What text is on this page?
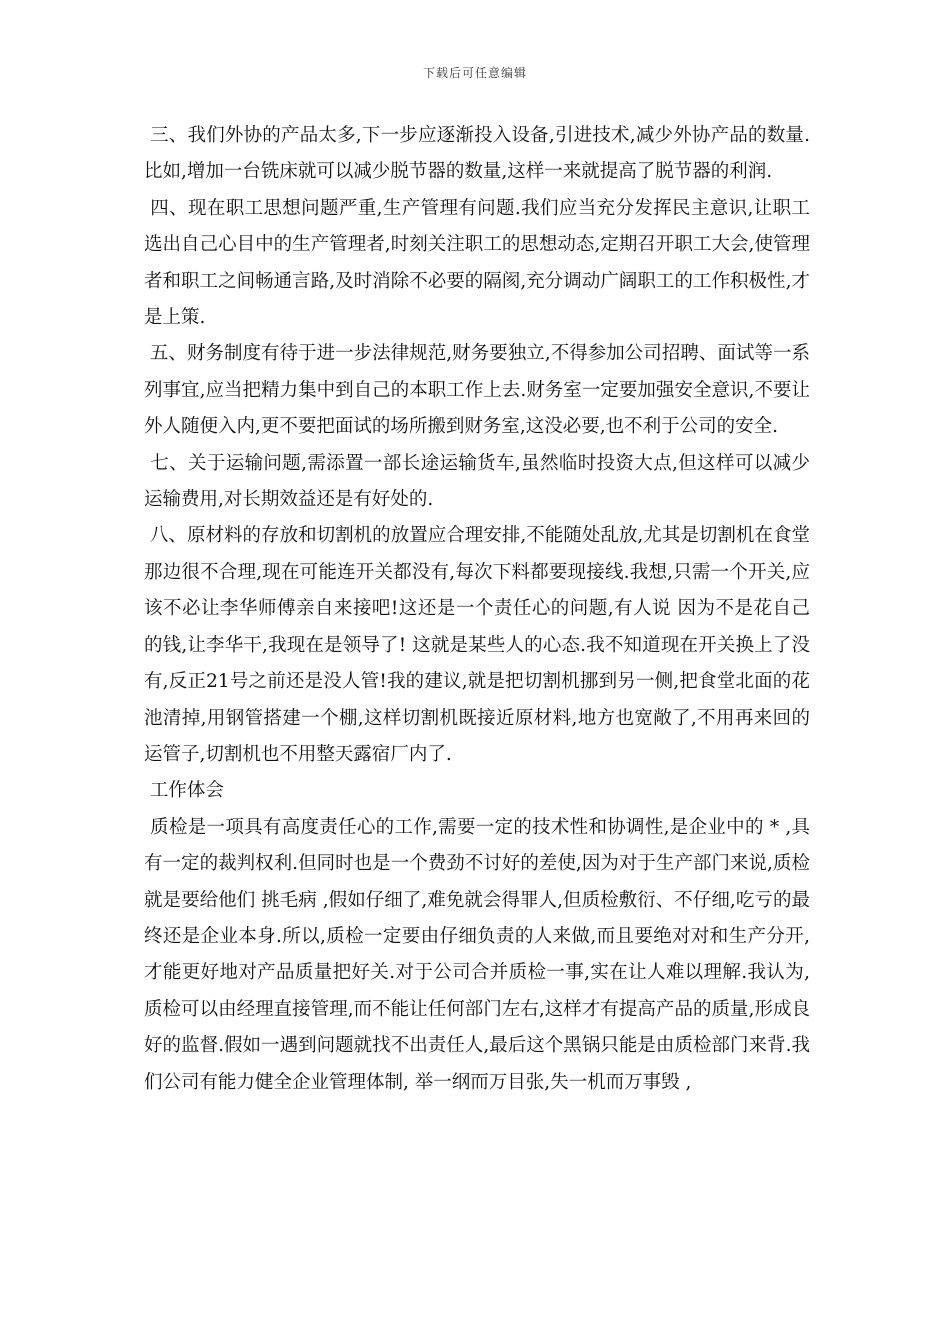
下载后可任意编辑

三、我们外协的产品太多,下一步应逐渐投入设备,引进技术,减少外协产品的数量.比如,增加一台铣床就可以减少脱节器的数量,这样一来就提高了脱节器的利润.

四、现在职工思想问题严重,生产管理有问题.我们应当充分发挥民主意识,让职工选出自己心目中的生产管理者,时刻关注职工的思想动态,定期召开职工大会,使管理者和职工之间畅通言路,及时消除不必要的隔阂,充分调动广阔职工的工作积极性,才是上策.

五、财务制度有待于进一步法律规范,财务要独立,不得参加公司招聘、面试等一系列事宜,应当把精力集中到自己的本职工作上去.财务室一定要加强安全意识,不要让外人随便入内,更不要把面试的场所搬到财务室,这没必要,也不利于公司的安全.

七、关于运输问题,需添置一部长途运输货车,虽然临时投资大点,但这样可以减少运输费用,对长期效益还是有好处的.

八、原材料的存放和切割机的放置应合理安排,不能随处乱放,尤其是切割机在食堂那边很不合理,现在可能连开关都没有,每次下料都要现接线.我想,只需一个开关,应该不必让李华师傅亲自来接吧!这还是一个责任心的问题,有人说 因为不是花自己的钱,让李华干,我现在是领导了! 这就是某些人的心态.我不知道现在开关换上了没有,反正21号之前还是没人管!我的建议,就是把切割机挪到另一侧,把食堂北面的花池清掉,用钢管搭建一个棚,这样切割机既接近原材料,地方也宽敞了,不用再来回的运管子,切割机也不用整天露宿厂内了.

工作体会

质检是一项具有高度责任心的工作,需要一定的技术性和协调性,是企业中的 * ,具有一定的裁判权利.但同时也是一个费劲不讨好的差使,因为对于生产部门来说,质检就是要给他们 挑毛病 ,假如仔细了,难免就会得罪人,但质检敷衍、不仔细,吃亏的最终还是企业本身.所以,质检一定要由仔细负责的人来做,而且要绝对对和生产分开,才能更好地对产品质量把好关.对于公司合并质检一事,实在让人难以理解.我认为,质检可以由经理直接管理,而不能让任何部门左右,这样才有提高产品的质量,形成良好的监督.假如一遇到问题就找不出责任人,最后这个黑锅只能是由质检部门来背.我们公司有能力健全企业管理体制, 举一纲而万目张,失一机而万事毁 ,
